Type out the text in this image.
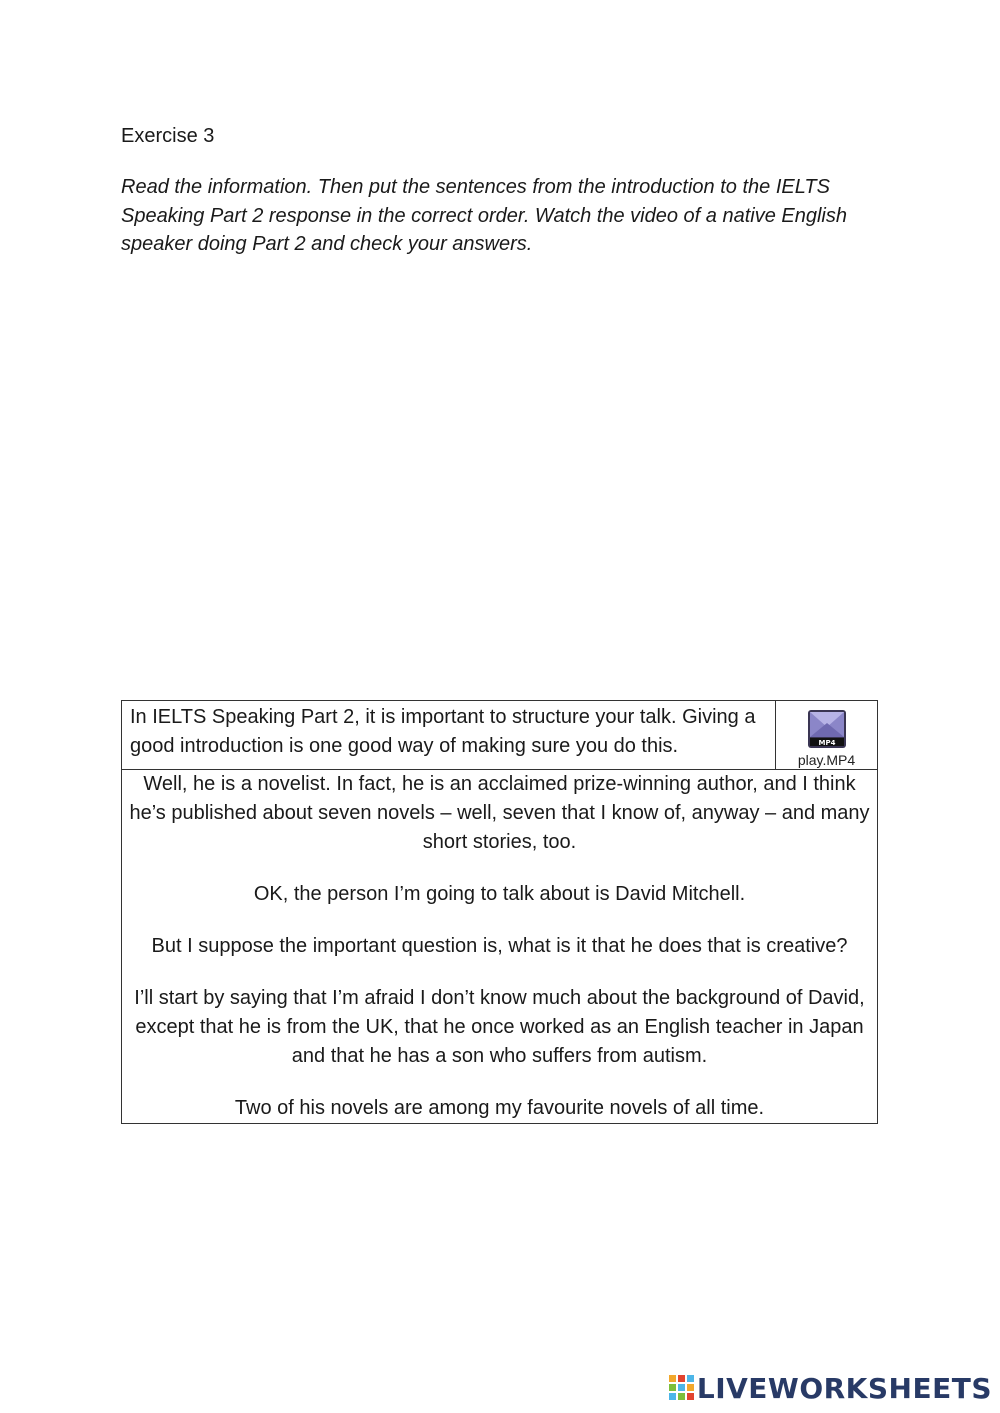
Exercise 3

Read the information. Then put the sentences from the introduction to the IELTS Speaking Part 2 response in the correct order. Watch the video of a native English speaker doing Part 2 and check your answers.

In IELTS Speaking Part 2, it is important to structure your talk. Giving a good introduction is one good way of making sure you do this.	MP4
play.MP4

Well, he is a novelist. In fact, he is an acclaimed prize-winning author, and I think he’s published about seven novels – well, seven that I know of, anyway – and many short stories, too.

OK, the person I’m going to talk about is David Mitchell.

But I suppose the important question is, what is it that he does that is creative?

I’ll start by saying that I’m afraid I don’t know much about the background of David, except that he is from the UK, that he once worked as an English teacher in Japan and that he has a son who suffers from autism.

Two of his novels are among my favourite novels of all time.

LIVEWORKSHEETS
